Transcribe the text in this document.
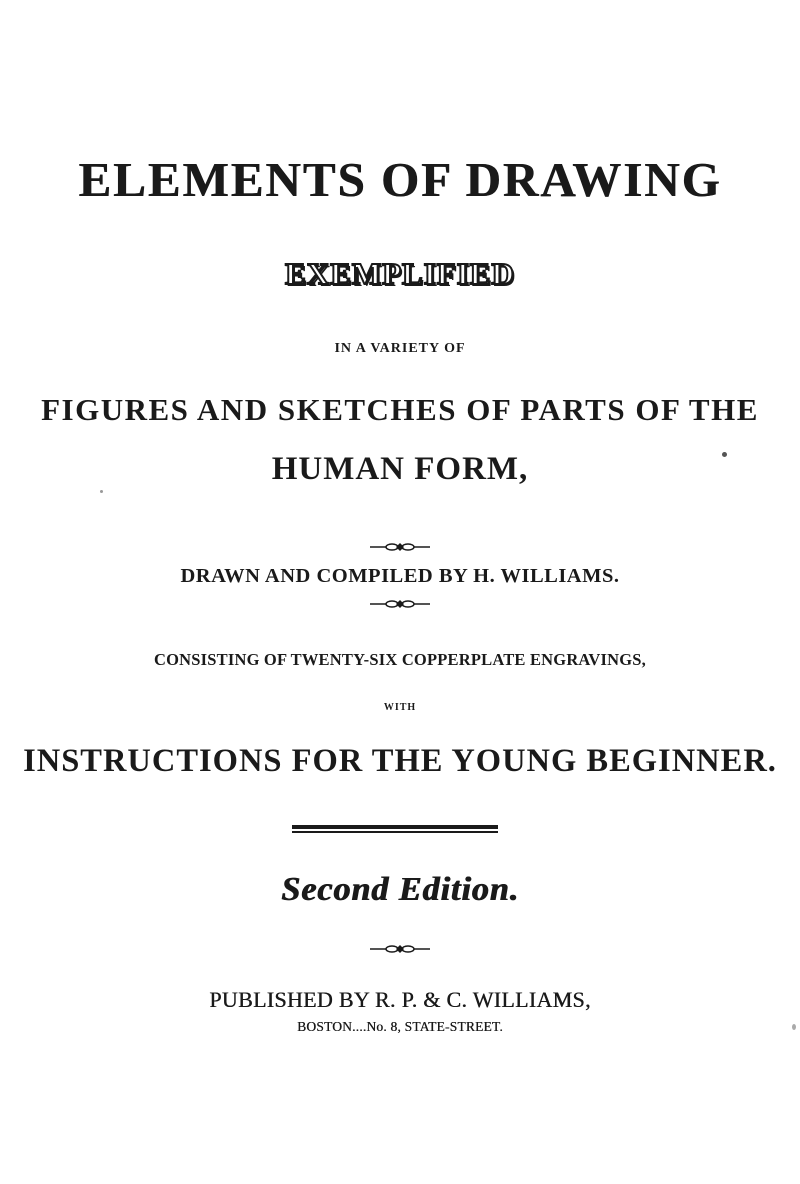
ELEMENTS OF DRAWING
EXEMPLIFIED
IN A VARIETY OF
FIGURES AND SKETCHES OF PARTS OF THE
HUMAN FORM,
DRAWN AND COMPILED BY H. WILLIAMS.
CONSISTING OF TWENTY-SIX COPPERPLATE ENGRAVINGS,
WITH
INSTRUCTIONS FOR THE YOUNG BEGINNER.
Second Edition.
PUBLISHED BY R. P. & C. WILLIAMS,
BOSTON....No. 8, STATE-STREET.
